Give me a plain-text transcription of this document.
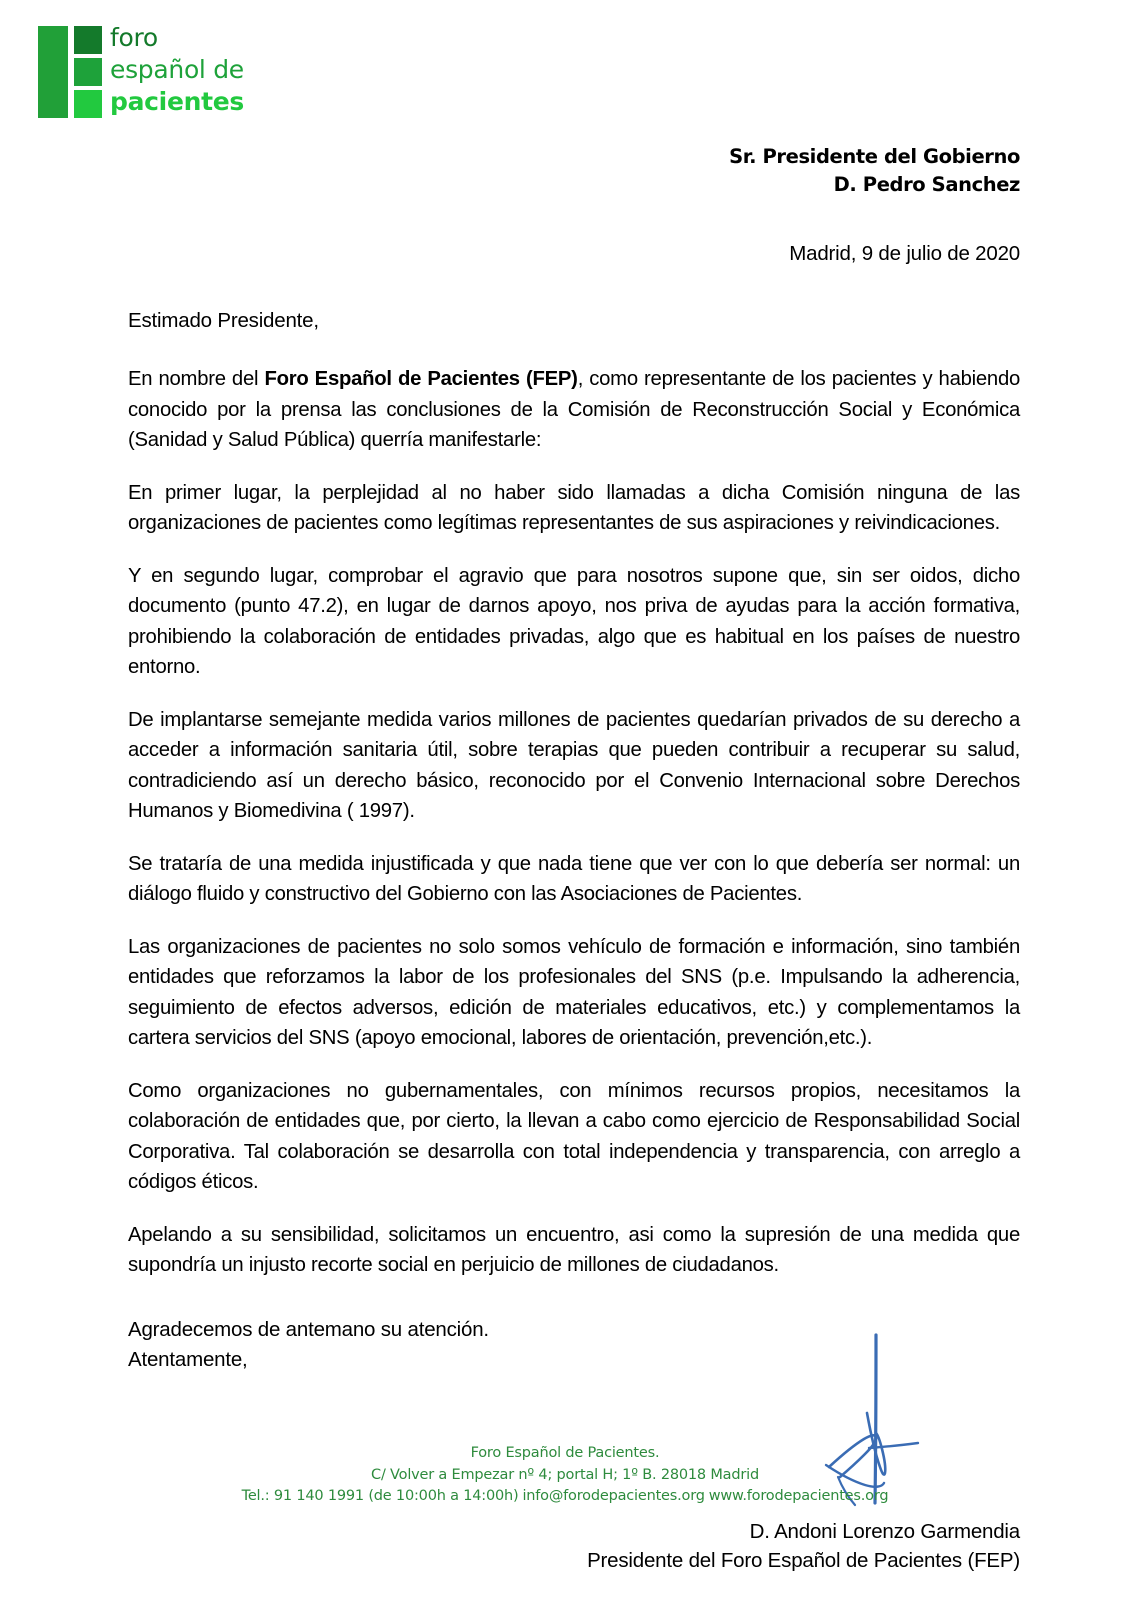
foro
español de
pacientes
Sr. Presidente del Gobierno
D. Pedro Sanchez
Madrid, 9 de julio de 2020
Estimado Presidente,

En nombre del Foro Español de Pacientes (FEP), como representante de los pacientes y habiendo conocido por la prensa las conclusiones de la Comisión de Reconstrucción Social y Económica (Sanidad y Salud Pública) querría manifestarle:

En primer lugar, la perplejidad al no haber sido llamadas a dicha Comisión ninguna de las organizaciones de pacientes como legítimas representantes de sus aspiraciones y reivindicaciones.

Y en segundo lugar, comprobar el agravio que para nosotros supone que, sin ser oidos, dicho documento (punto 47.2), en lugar de darnos apoyo, nos priva de ayudas para la acción formativa, prohibiendo la colaboración de entidades privadas, algo que es habitual en los países de nuestro entorno.

De implantarse semejante medida varios millones de pacientes quedarían privados de su derecho a acceder a información sanitaria útil, sobre terapias que pueden contribuir a recuperar su salud, contradiciendo así un derecho básico, reconocido por el Convenio Internacional sobre Derechos Humanos y Biomedivina ( 1997).

Se trataría de una medida injustificada y que nada tiene que ver con lo que debería ser normal: un diálogo fluido y constructivo del Gobierno con las Asociaciones de Pacientes.

Las organizaciones de pacientes no solo somos vehículo de formación e información, sino también entidades que reforzamos la labor de los profesionales del SNS (p.e. Impulsando la adherencia, seguimiento de efectos adversos, edición de materiales educativos, etc.) y complementamos la cartera servicios del SNS (apoyo emocional, labores de orientación, prevención,etc.).

Como organizaciones no gubernamentales, con mínimos recursos propios, necesitamos la colaboración de entidades que, por cierto, la llevan a cabo como ejercicio de Responsabilidad Social Corporativa. Tal colaboración se desarrolla con total independencia y transparencia, con arreglo a códigos éticos.

Apelando a su sensibilidad, solicitamos un encuentro, asi como la supresión de una medida que supondría un injusto recorte social en perjuicio de millones de ciudadanos.

Agradecemos de antemano su atención.
Atentamente,
D. Andoni Lorenzo Garmendia
Presidente del Foro Español de Pacientes (FEP)
Foro Español de Pacientes.
C/ Volver a Empezar nº 4; portal H; 1º B. 28018 Madrid
Tel.: 91 140 1991 (de 10:00h a 14:00h) info@forodepacientes.org www.forodepacientes.org
